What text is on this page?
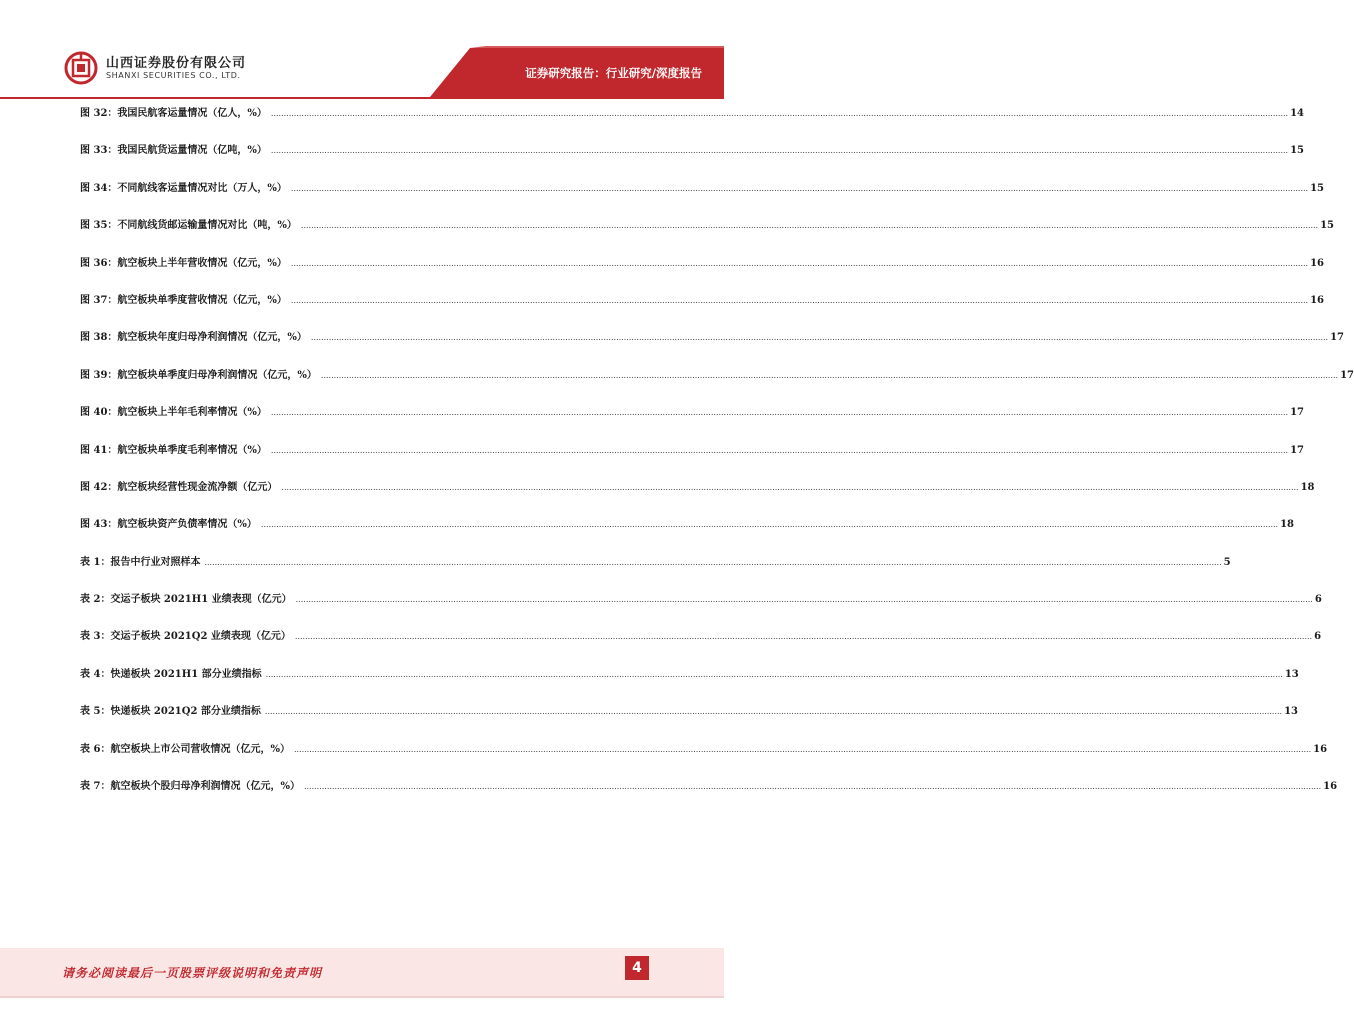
山西证券股份有限公司
SHANXI SECURITIES CO., LTD.	证券研究报告：行业研究/深度报告
图 32：我国民航客运量情况（亿人，%） ................................................................................................................................................................................................................................................................................................................................................................................................................ 14
图 33：我国民航货运量情况（亿吨，%） ................................................................................................................................................................................................................................................................................................................................................................................................................ 15
图 34：不同航线客运量情况对比（万人，%） ................................................................................................................................................................................................................................................................................................................................................................................................................ 15
图 35：不同航线货邮运输量情况对比（吨，%） ................................................................................................................................................................................................................................................................................................................................................................................................................ 15
图 36：航空板块上半年营收情况（亿元，%） ................................................................................................................................................................................................................................................................................................................................................................................................................ 16
图 37：航空板块单季度营收情况（亿元，%） ................................................................................................................................................................................................................................................................................................................................................................................................................ 16
图 38：航空板块年度归母净利润情况（亿元，%） ................................................................................................................................................................................................................................................................................................................................................................................................................ 17
图 39：航空板块单季度归母净利润情况（亿元，%） ................................................................................................................................................................................................................................................................................................................................................................................................................ 17
图 40：航空板块上半年毛利率情况（%） ................................................................................................................................................................................................................................................................................................................................................................................................................ 17
图 41：航空板块单季度毛利率情况（%） ................................................................................................................................................................................................................................................................................................................................................................................................................ 17
图 42：航空板块经营性现金流净额（亿元） ................................................................................................................................................................................................................................................................................................................................................................................................................ 18
图 43：航空板块资产负债率情况（%） ................................................................................................................................................................................................................................................................................................................................................................................................................ 18
表 1：报告中行业对照样本 ................................................................................................................................................................................................................................................................................................................................................................................................................ 5
表 2：交运子板块 2021H1 业绩表现（亿元） ................................................................................................................................................................................................................................................................................................................................................................................................................ 6
表 3：交运子板块 2021Q2 业绩表现（亿元） ................................................................................................................................................................................................................................................................................................................................................................................................................ 6
表 4：快递板块 2021H1 部分业绩指标 ................................................................................................................................................................................................................................................................................................................................................................................................................ 13
表 5：快递板块 2021Q2 部分业绩指标 ................................................................................................................................................................................................................................................................................................................................................................................................................ 13
表 6：航空板块上市公司营收情况（亿元，%） ................................................................................................................................................................................................................................................................................................................................................................................................................ 16
表 7：航空板块个股归母净利润情况（亿元，%） ................................................................................................................................................................................................................................................................................................................................................................................................................ 16
请务必阅读最后一页股票评级说明和免责声明	4
